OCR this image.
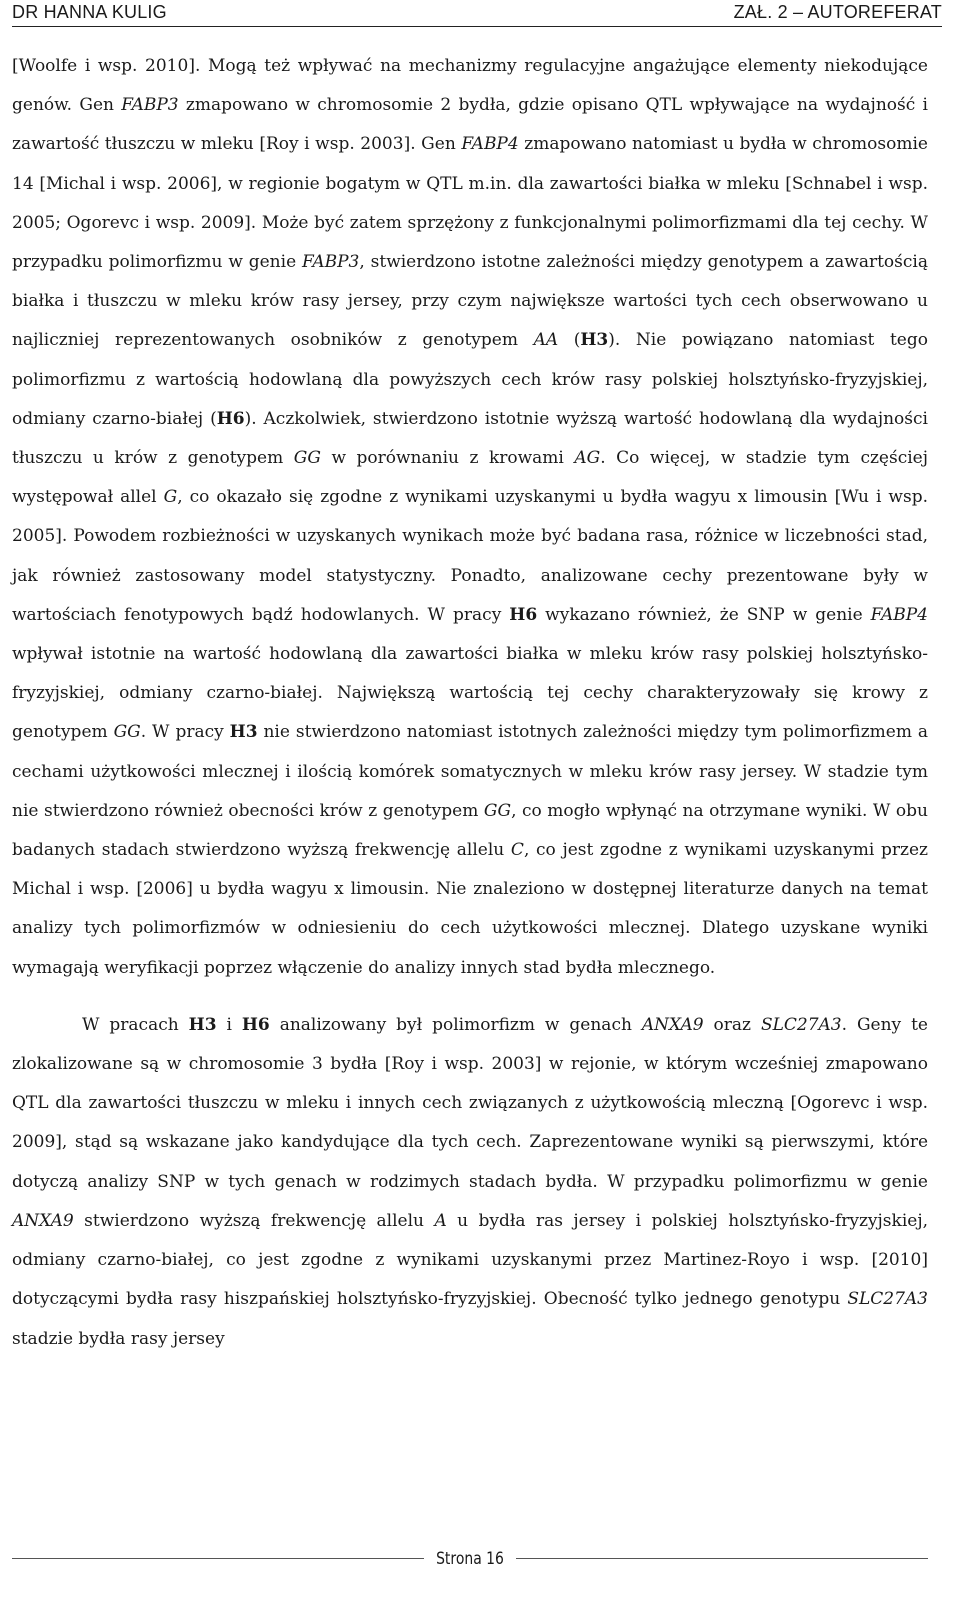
DR HANNA KULIG	ZAŁ. 2 – AUTOREFERAT

[Woolfe i wsp. 2010]. Mogą też wpływać na mechanizmy regulacyjne angażujące elementy niekodujące genów. Gen FABP3 zmapowano w chromosomie 2 bydła, gdzie opisano QTL wpływające na wydajność i zawartość tłuszczu w mleku [Roy i wsp. 2003]. Gen FABP4 zmapowano natomiast u bydła w chromosomie 14 [Michal i wsp. 2006], w regionie bogatym w QTL m.in. dla zawartości białka w mleku [Schnabel i wsp. 2005; Ogorevc i wsp. 2009]. Może być zatem sprzężony z funkcjonalnymi polimorfizmami dla tej cechy. W przypadku polimorfizmu w genie FABP3, stwierdzono istotne zależności między genotypem a zawartością białka i tłuszczu w mleku krów rasy jersey, przy czym największe wartości tych cech obserwowano u najliczniej reprezentowanych osobników z genotypem AA (H3). Nie powiązano natomiast tego polimorfizmu z wartością hodowlaną dla powyższych cech krów rasy polskiej holsztyńsko-fryzyjskiej, odmiany czarno-białej (H6). Aczkolwiek, stwierdzono istotnie wyższą wartość hodowlaną dla wydajności tłuszczu u krów z genotypem GG w porównaniu z krowami AG. Co więcej, w stadzie tym częściej występował allel G, co okazało się zgodne z wynikami uzyskanymi u bydła wagyu x limousin [Wu i wsp. 2005]. Powodem rozbieżności w uzyskanych wynikach może być badana rasa, różnice w liczebności stad, jak również zastosowany model statystyczny. Ponadto, analizowane cechy prezentowane były w wartościach fenotypowych bądź hodowlanych. W pracy H6 wykazano również, że SNP w genie FABP4 wpływał istotnie na wartość hodowlaną dla zawartości białka w mleku krów rasy polskiej holsztyńsko-fryzyjskiej, odmiany czarno-białej. Największą wartością tej cechy charakteryzowały się krowy z genotypem GG. W pracy H3 nie stwierdzono natomiast istotnych zależności między tym polimorfizmem a cechami użytkowości mlecznej i ilością komórek somatycznych w mleku krów rasy jersey. W stadzie tym nie stwierdzono również obecności krów z genotypem GG, co mogło wpłynąć na otrzymane wyniki. W obu badanych stadach stwierdzono wyższą frekwencję allelu C, co jest zgodne z wynikami uzyskanymi przez Michal i wsp. [2006] u bydła wagyu x limousin. Nie znaleziono w dostępnej literaturze danych na temat analizy tych polimorfizmów w odniesieniu do cech użytkowości mlecznej. Dlatego uzyskane wyniki wymagają weryfikacji poprzez włączenie do analizy innych stad bydła mlecznego.

W pracach H3 i H6 analizowany był polimorfizm w genach ANXA9 oraz SLC27A3. Geny te zlokalizowane są w chromosomie 3 bydła [Roy i wsp. 2003] w rejonie, w którym wcześniej zmapowano QTL dla zawartości tłuszczu w mleku i innych cech związanych z użytkowością mleczną [Ogorevc i wsp. 2009], stąd są wskazane jako kandydujące dla tych cech. Zaprezentowane wyniki są pierwszymi, które dotyczą analizy SNP w tych genach w rodzimych stadach bydła. W przypadku polimorfizmu w genie ANXA9 stwierdzono wyższą frekwencję allelu A u bydła ras jersey i polskiej holsztyńsko-fryzyjskiej, odmiany czarno-białej, co jest zgodne z wynikami uzyskanymi przez Martinez-Royo i wsp. [2010] dotyczącymi bydła rasy hiszpańskiej holsztyńsko-fryzyjskiej. Obecność tylko jednego genotypu SLC27A3 stadzie bydła rasy jersey

Strona 16
